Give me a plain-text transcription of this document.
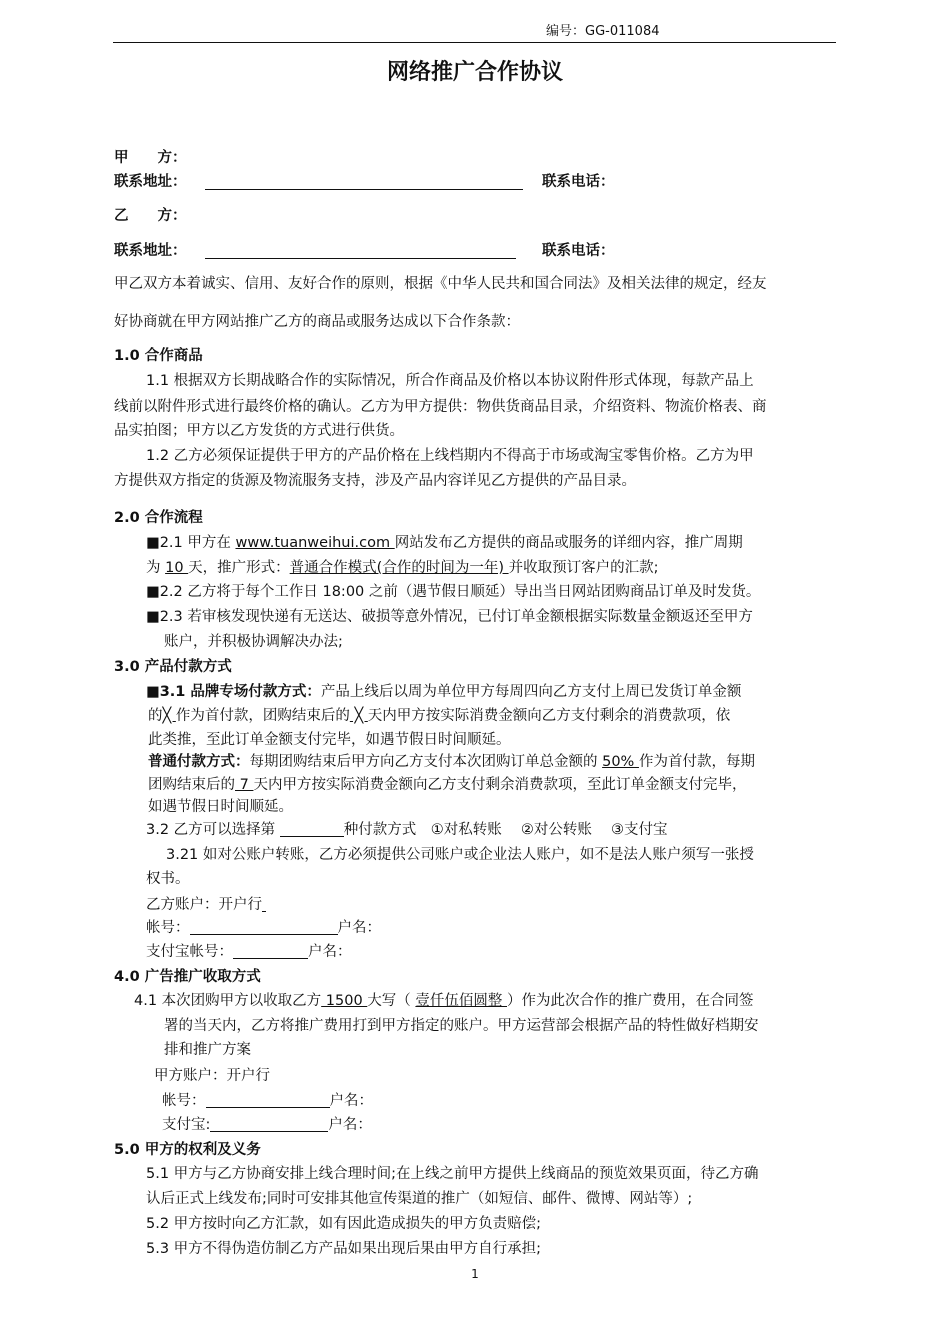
编号：GG-011084
网络推广合作协议
甲　　方：
联系地址：	联系电话：
乙　　方：
联系地址：	联系电话：
甲乙双方本着诚实、信用、友好合作的原则，根据《中华人民共和国合同法》及相关法律的规定，经友
好协商就在甲方网站推广乙方的商品或服务达成以下合作条款：
1.0 合作商品
1.1 根据双方长期战略合作的实际情况，所合作商品及价格以本协议附件形式体现，每款产品上
线前以附件形式进行最终价格的确认。乙方为甲方提供：物供货商品目录，介绍资料、物流价格表、商
品实拍图；甲方以乙方发货的方式进行供货。
1.2 乙方必须保证提供于甲方的产品价格在上线档期内不得高于市场或淘宝零售价格。乙方为甲
方提供双方指定的货源及物流服务支持，涉及产品内容详见乙方提供的产品目录。
2.0 合作流程
■2.1 甲方在 www.tuanweihui.com 网站发布乙方提供的商品或服务的详细内容，推广周期
为 10 天，推广形式：普通合作模式(合作的时间为一年) 并收取预订客户的汇款;
■2.2 乙方将于每个工作日 18:00 之前（遇节假日顺延）导出当日网站团购商品订单及时发货。
■2.3 若审核发现快递有无送达、破损等意外情况，已付订单金额根据实际数量金额返还至甲方
账户，并积极协调解决办法;
3.0 产品付款方式
■3.1 品牌专场付款方式：产品上线后以周为单位甲方每周四向乙方支付上周已发货订单金额
的╳ 作为首付款，团购结束后的 ╳ 天内甲方按实际消费金额向乙方支付剩余的消费款项，依
此类推，至此订单金额支付完毕，如遇节假日时间顺延。
普通付款方式：每期团购结束后甲方向乙方支付本次团购订单总金额的 50% 作为首付款，每期
团购结束后的 7 天内甲方按实际消费金额向乙方支付剩余消费款项，至此订单金额支付完毕，
如遇节假日时间顺延。
3.2 乙方可以选择第	种付款方式　①对私转账　 ②对公转账　 ③支付宝
3.21 如对公账户转账，乙方必须提供公司账户或企业法人账户，如不是法人账户须写一张授
权书。
乙方账户：开户行
帐号：	户名：
支付宝帐号：	户名：
4.0 广告推广收取方式
4.1 本次团购甲方以收取乙方 1500 大写（ 壹仟伍佰圆整 ）作为此次合作的推广费用，在合同签
署的当天内，乙方将推广费用打到甲方指定的账户。甲方运营部会根据产品的特性做好档期安
排和推广方案
甲方账户：开户行
帐号：	户名：
支付宝:	户名：
5.0 甲方的权利及义务
5.1 甲方与乙方协商安排上线合理时间;在上线之前甲方提供上线商品的预览效果页面，待乙方确
认后正式上线发布;同时可安排其他宣传渠道的推广（如短信、邮件、微博、网站等）;
5.2 甲方按时向乙方汇款，如有因此造成损失的甲方负责赔偿;
5.3 甲方不得伪造仿制乙方产品如果出现后果由甲方自行承担;
1
